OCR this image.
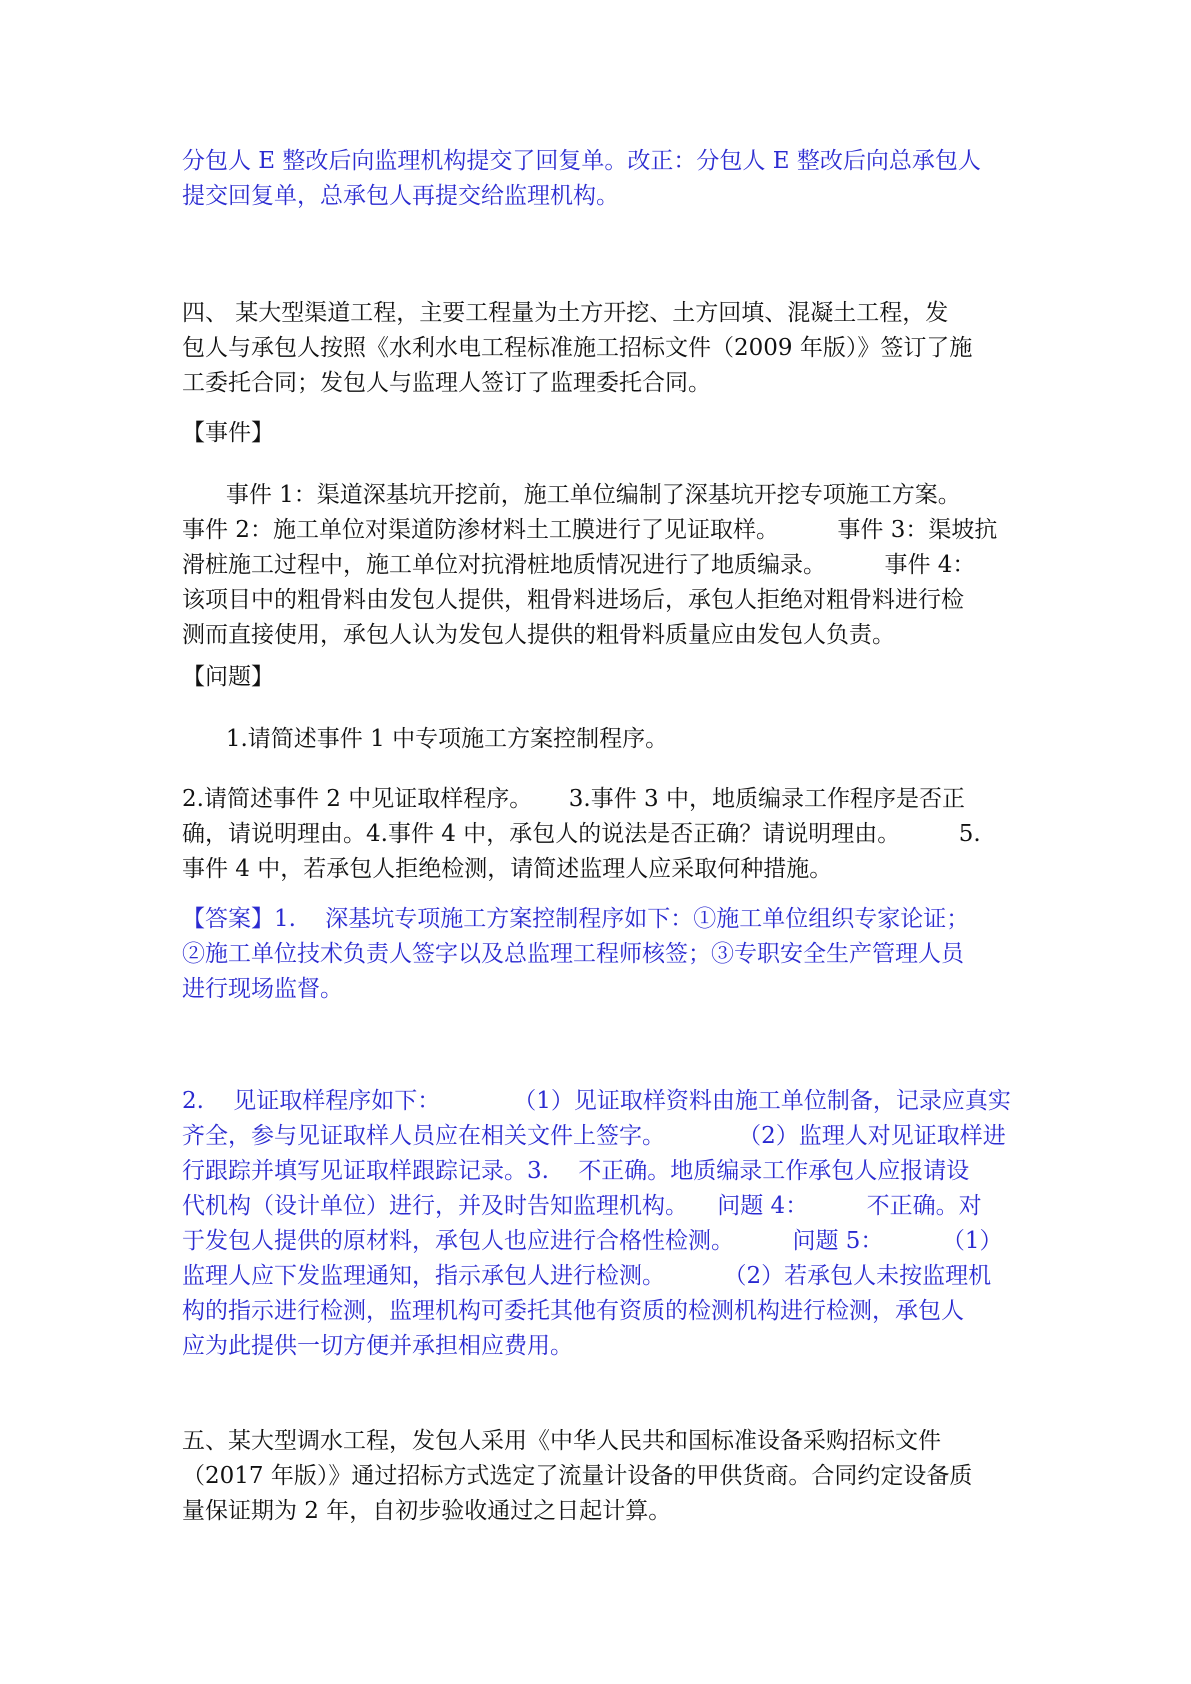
分包人 E 整改后向监理机构提交了回复单。改正：分包人 E 整改后向总承包人
提交回复单，总承包人再提交给监理机构。

四、 某大型渠道工程，主要工程量为土方开挖、土方回填、混凝土工程，发
包人与承包人按照《水利水电工程标准施工招标文件（2009 年版）》签订了施
工委托合同；发包人与监理人签订了监理委托合同。

【事件】

事件 1：渠道深基坑开挖前，施工单位编制了深基坑开挖专项施工方案。
事件 2：施工单位对渠道防渗材料土工膜进行了见证取样。        事件 3：渠坡抗
滑桩施工过程中，施工单位对抗滑桩地质情况进行了地质编录。        事件 4：
该项目中的粗骨料由发包人提供，粗骨料进场后，承包人拒绝对粗骨料进行检
测而直接使用，承包人认为发包人提供的粗骨料质量应由发包人负责。

【问题】

1.请简述事件 1 中专项施工方案控制程序。

2.请简述事件 2 中见证取样程序。     3.事件 3 中，地质编录工作程序是否正
确，请说明理由。4.事件 4 中，承包人的说法是否正确？请说明理由。        5.
事件 4 中，若承包人拒绝检测，请简述监理人应采取何种措施。

【答案】1.    深基坑专项施工方案控制程序如下：①施工单位组织专家论证；
②施工单位技术负责人签字以及总监理工程师核签；③专职安全生产管理人员
进行现场监督。

2.    见证取样程序如下：          （1）见证取样资料由施工单位制备，记录应真实
齐全，参与见证取样人员应在相关文件上签字。          （2）监理人对见证取样进
行跟踪并填写见证取样跟踪记录。3.    不正确。地质编录工作承包人应报请设
代机构（设计单位）进行，并及时告知监理机构。    问题 4：        不正确。对
于发包人提供的原材料，承包人也应进行合格性检测。        问题 5：        （1）
监理人应下发监理通知，指示承包人进行检测。        （2）若承包人未按监理机
构的指示进行检测，监理机构可委托其他有资质的检测机构进行检测，承包人
应为此提供一切方便并承担相应费用。

五、某大型调水工程，发包人采用《中华人民共和国标准设备采购招标文件
（2017 年版）》通过招标方式选定了流量计设备的甲供货商。合同约定设备质
量保证期为 2 年，自初步验收通过之日起计算。
